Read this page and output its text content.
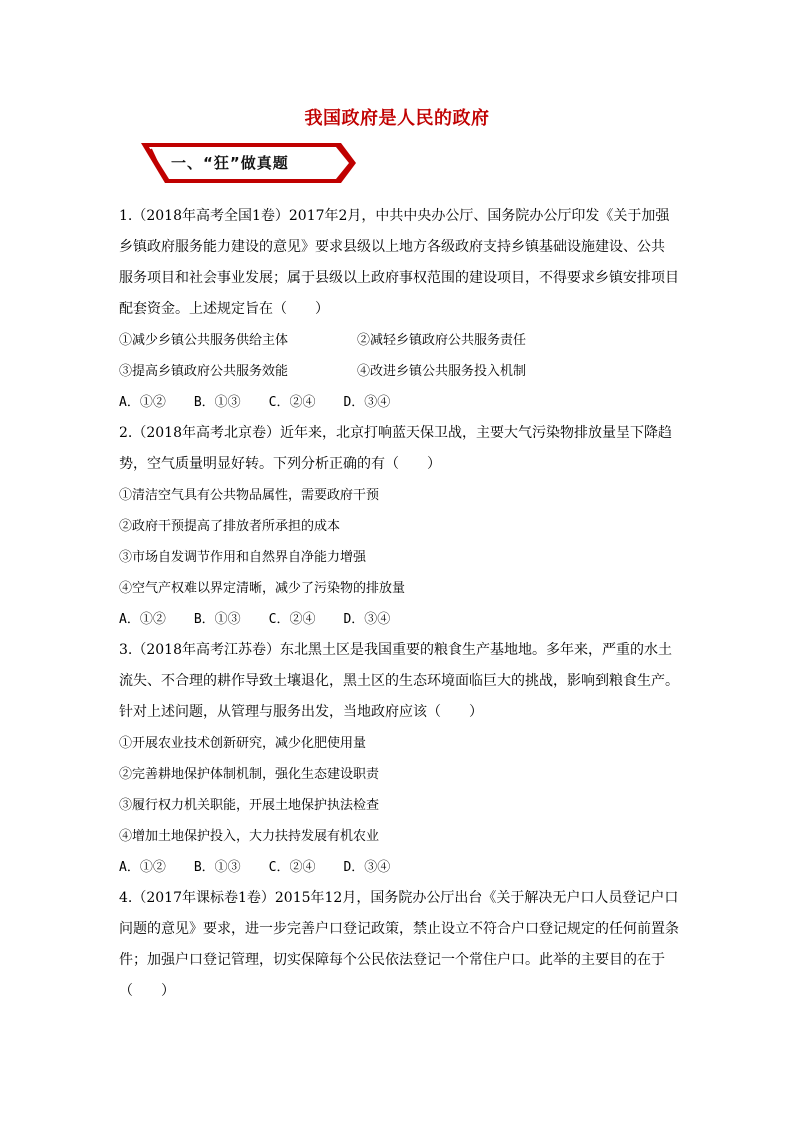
我国政府是人民的政府
一、“狂”做真题

1.（2018年高考全国1卷）2017年2月，中共中央办公厅、国务院办公厅印发《关于加强

乡镇政府服务能力建设的意见》要求县级以上地方各级政府支持乡镇基础设施建设、公共

服务项目和社会事业发展；属于县级以上政府事权范围的建设项目，不得要求乡镇安排项目

配套资金。上述规定旨在（　　）

①减少乡镇公共服务供给主体	②减轻乡镇政府公共服务责任
③提高乡镇政府公共服务效能	④改进乡镇公共服务投入机制
A．①② B．①③ C．②④ D．③④

2.（2018年高考北京卷）近年来，北京打响蓝天保卫战，主要大气污染物排放量呈下降趋

势，空气质量明显好转。下列分析正确的有（　　）

①清洁空气具有公共物品属性，需要政府干预

②政府干预提高了排放者所承担的成本

③市场自发调节作用和自然界自净能力增强

④空气产权难以界定清晰，减少了污染物的排放量

A．①② B．①③ C．②④ D．③④

3.（2018年高考江苏卷）东北黑土区是我国重要的粮食生产基地地。多年来，严重的水土

流失、不合理的耕作导致土壤退化，黑土区的生态环境面临巨大的挑战，影响到粮食生产。

针对上述问题，从管理与服务出发，当地政府应该（　　）

①开展农业技术创新研究，减少化肥使用量

②完善耕地保护体制机制，强化生态建设职责

③履行权力机关职能，开展土地保护执法检查

④增加土地保护投入，大力扶持发展有机农业

A．①② B．①③ C．②④ D．③④

4.（2017年课标卷1卷）2015年12月，国务院办公厅出台《关于解决无户口人员登记户口

问题的意见》要求，进一步完善户口登记政策，禁止设立不符合户口登记规定的任何前置条

件；加强户口登记管理，切实保障每个公民依法登记一个常住户口。此举的主要目的在于

（　　）
